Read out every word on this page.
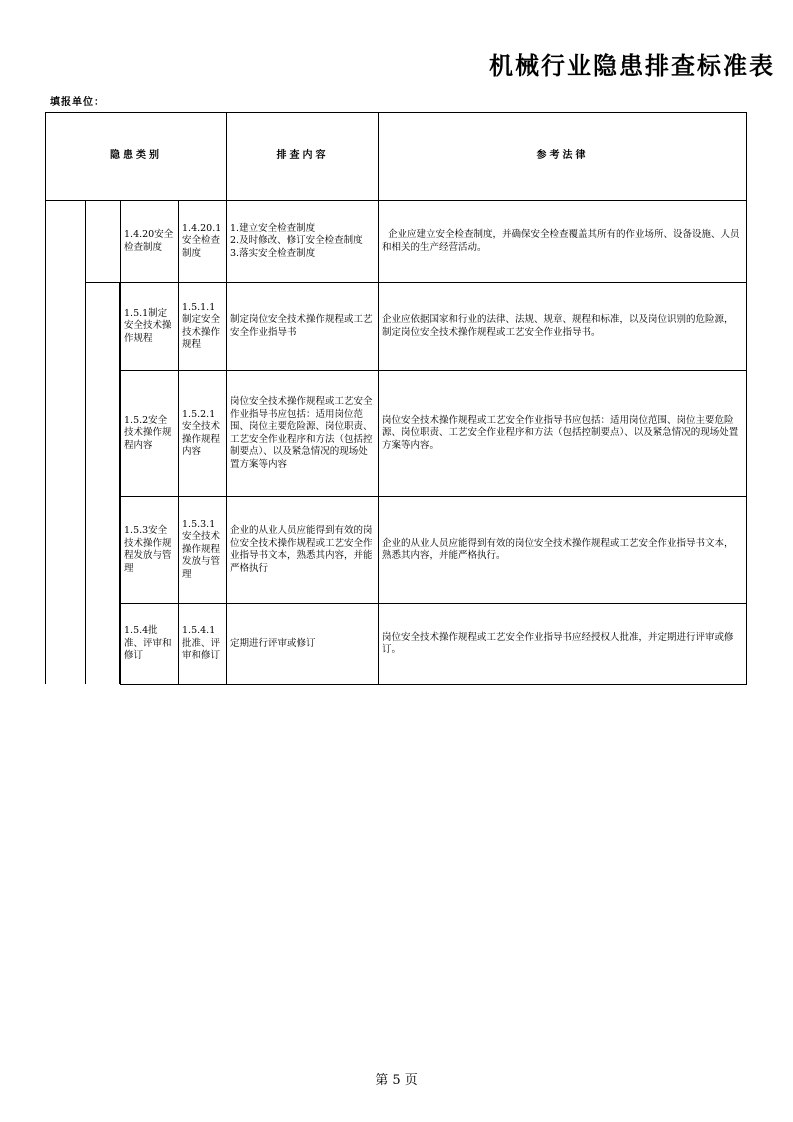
机械行业隐患排查标准表
填报单位：
隐患类别	排查内容	参考法律
1.4.20安全检查制度
1.4.20.1安全检查制度
1.建立安全检查制度
2.及时修改、修订安全检查制度
3.落实安全检查制度
企业应建立安全检查制度，并确保安全检查覆盖其所有的作业场所、设备设施、人员和相关的生产经营活动。
1.5.1制定安全技术操作规程
1.5.1.1制定安全技术操作规程
制定岗位安全技术操作规程或工艺安全作业指导书
企业应依据国家和行业的法律、法规、规章、规程和标准，以及岗位识别的危险源，制定岗位安全技术操作规程或工艺安全作业指导书。
1.5.2安全技术操作规程内容
1.5.2.1安全技术操作规程内容
岗位安全技术操作规程或工艺安全作业指导书应包括：适用岗位范围、岗位主要危险源、岗位职责、工艺安全作业程序和方法（包括控制要点）、以及紧急情况的现场处置方案等内容
岗位安全技术操作规程或工艺安全作业指导书应包括：适用岗位范围、岗位主要危险源、岗位职责、工艺安全作业程序和方法（包括控制要点）、以及紧急情况的现场处置方案等内容。
1.5.3安全技术操作规程发放与管理
1.5.3.1安全技术操作规程发放与管理
企业的从业人员应能得到有效的岗位安全技术操作规程或工艺安全作业指导书文本，熟悉其内容，并能严格执行
企业的从业人员应能得到有效的岗位安全技术操作规程或工艺安全作业指导书文本，熟悉其内容，并能严格执行。
1.5.4批准、评审和修订
1.5.4.1批准、评审和修订
定期进行评审或修订
岗位安全技术操作规程或工艺安全作业指导书应经授权人批准，并定期进行评审或修订。
第 5 页
